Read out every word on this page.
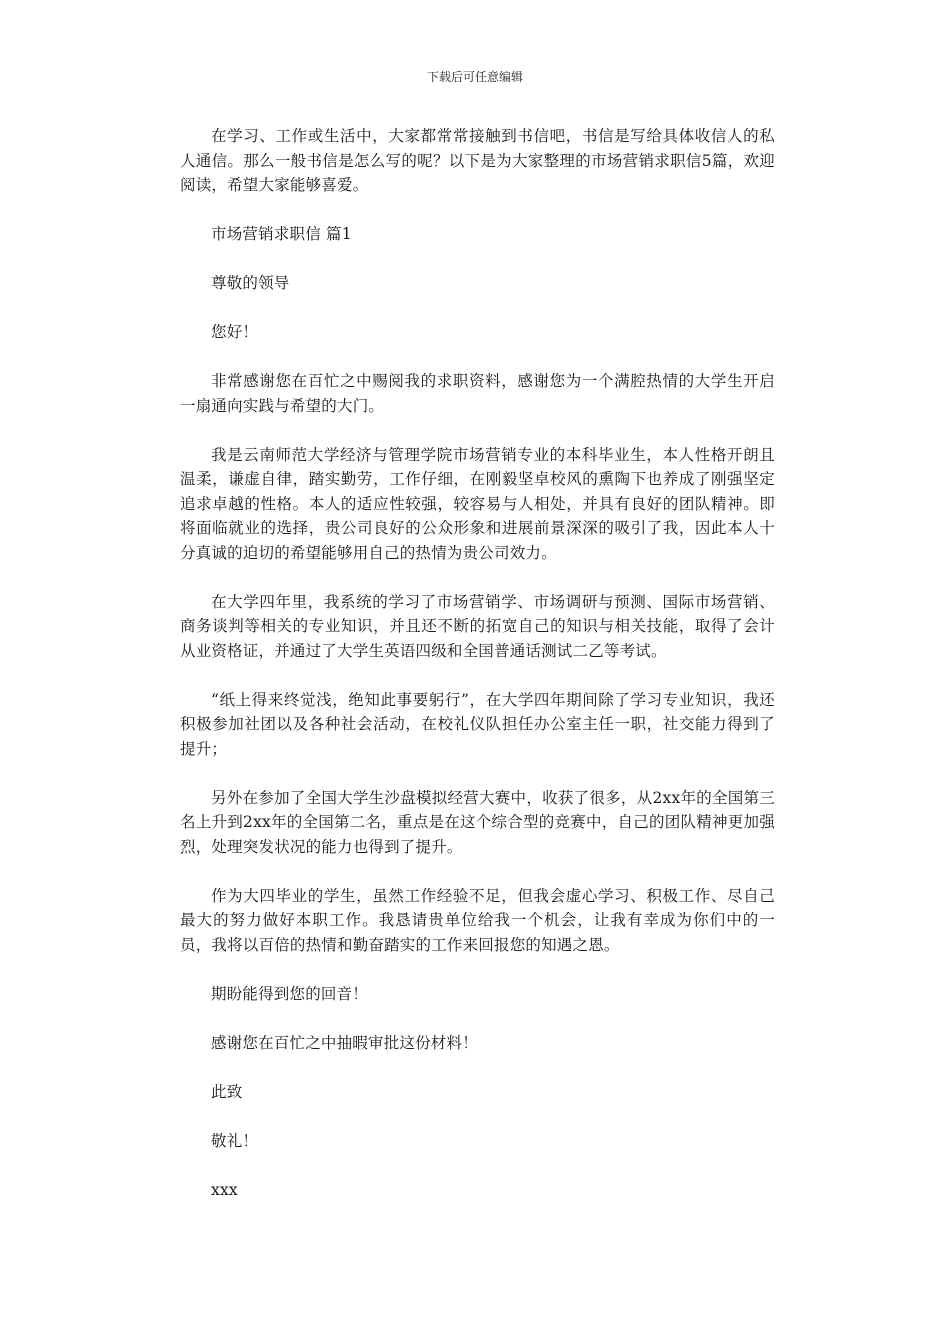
下载后可任意编辑

在学习、工作或生活中，大家都常常接触到书信吧，书信是写给具体收信人的私人通信。那么一般书信是怎么写的呢？以下是为大家整理的市场营销求职信5篇，欢迎阅读，希望大家能够喜爱。

市场营销求职信 篇1

尊敬的领导

您好！

非常感谢您在百忙之中赐阅我的求职资料，感谢您为一个满腔热情的大学生开启一扇通向实践与希望的大门。

我是云南师范大学经济与管理学院市场营销专业的本科毕业生，本人性格开朗且温柔，谦虚自律，踏实勤劳，工作仔细，在刚毅坚卓校风的熏陶下也养成了刚强坚定追求卓越的性格。本人的适应性较强，较容易与人相处，并具有良好的团队精神。即将面临就业的选择，贵公司良好的公众形象和进展前景深深的吸引了我，因此本人十分真诚的迫切的希望能够用自己的热情为贵公司效力。

在大学四年里，我系统的学习了市场营销学、市场调研与预测、国际市场营销、商务谈判等相关的专业知识，并且还不断的拓宽自己的知识与相关技能，取得了会计从业资格证，并通过了大学生英语四级和全国普通话测试二乙等考试。

“纸上得来终觉浅，绝知此事要躬行”，在大学四年期间除了学习专业知识，我还积极参加社团以及各种社会活动，在校礼仪队担任办公室主任一职，社交能力得到了提升；

另外在参加了全国大学生沙盘模拟经营大赛中，收获了很多，从2xx年的全国第三名上升到2xx年的全国第二名，重点是在这个综合型的竞赛中，自己的团队精神更加强烈，处理突发状况的能力也得到了提升。

作为大四毕业的学生，虽然工作经验不足，但我会虚心学习、积极工作、尽自己最大的努力做好本职工作。我恳请贵单位给我一个机会，让我有幸成为你们中的一员，我将以百倍的热情和勤奋踏实的工作来回报您的知遇之恩。

期盼能得到您的回音！

感谢您在百忙之中抽暇审批这份材料！

此致

敬礼！

xxx
